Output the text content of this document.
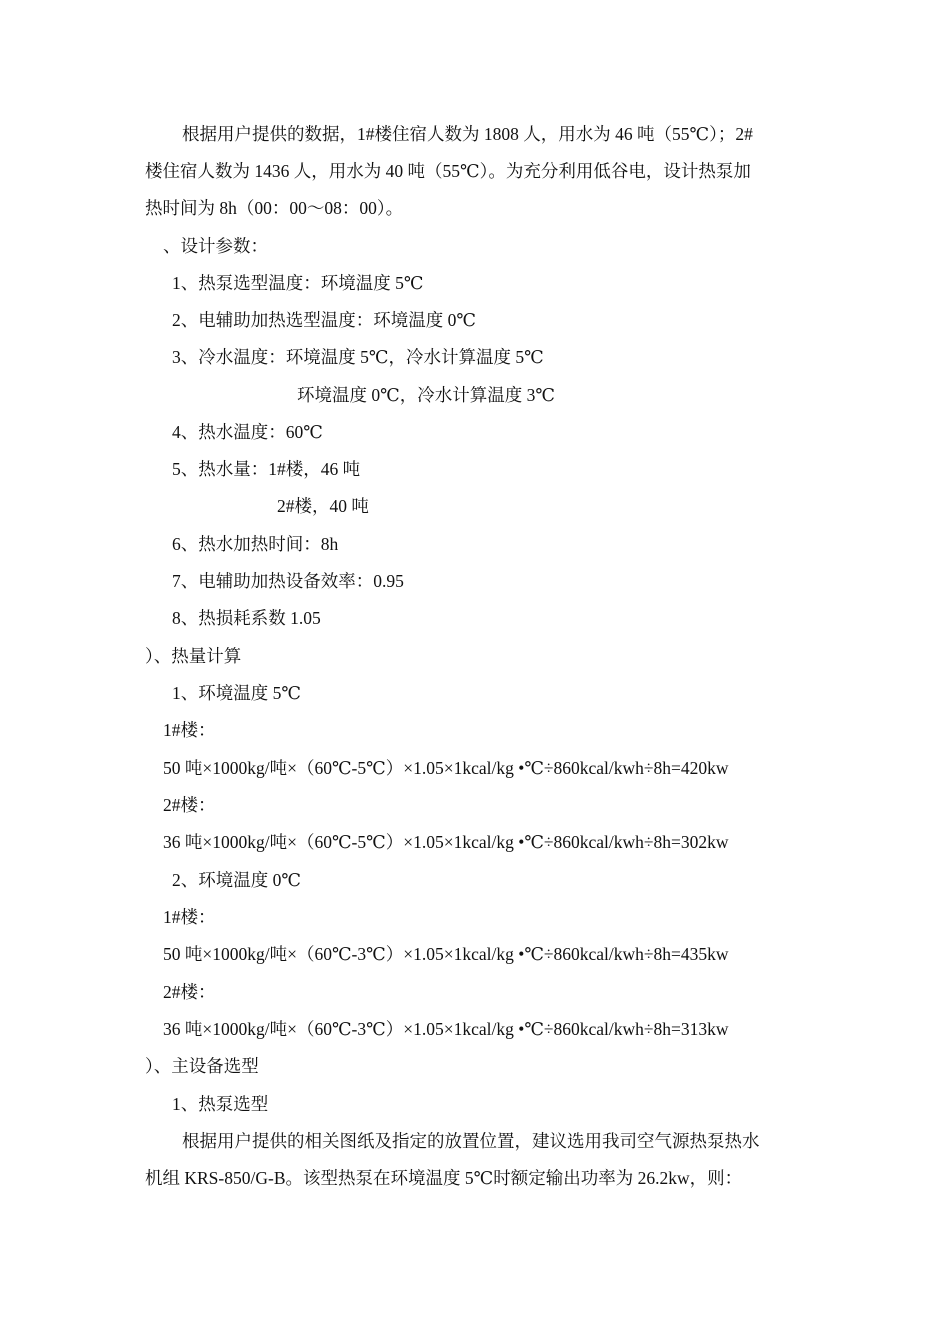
根据用户提供的数据，1#楼住宿人数为 1808 人，用水为 46 吨（55℃）；2#
楼住宿人数为 1436 人，用水为 40 吨（55℃）。为充分利用低谷电，设计热泵加
热时间为 8h（00：00～08：00）。
、设计参数：
1、热泵选型温度：环境温度 5℃
2、电辅助加热选型温度：环境温度 0℃
3、冷水温度：环境温度 5℃，冷水计算温度 5℃
环境温度 0℃，冷水计算温度 3℃
4、热水温度：60℃
5、热水量：1#楼，46 吨
2#楼，40 吨
6、热水加热时间：8h
7、电辅助加热设备效率：0.95
8、热损耗系数 1.05
）、热量计算
1、环境温度 5℃
1#楼：
50 吨×1000kg/吨×（60℃-5℃）×1.05×1kcal/kg •℃÷860kcal/kwh÷8h=420kw
2#楼：
36 吨×1000kg/吨×（60℃-5℃）×1.05×1kcal/kg •℃÷860kcal/kwh÷8h=302kw
2、环境温度 0℃
1#楼：
50 吨×1000kg/吨×（60℃-3℃）×1.05×1kcal/kg •℃÷860kcal/kwh÷8h=435kw
2#楼：
36 吨×1000kg/吨×（60℃-3℃）×1.05×1kcal/kg •℃÷860kcal/kwh÷8h=313kw
）、主设备选型
1、热泵选型
根据用户提供的相关图纸及指定的放置位置，建议选用我司空气源热泵热水
机组 KRS-850/G-B。该型热泵在环境温度 5℃时额定输出功率为 26.2kw，则：
